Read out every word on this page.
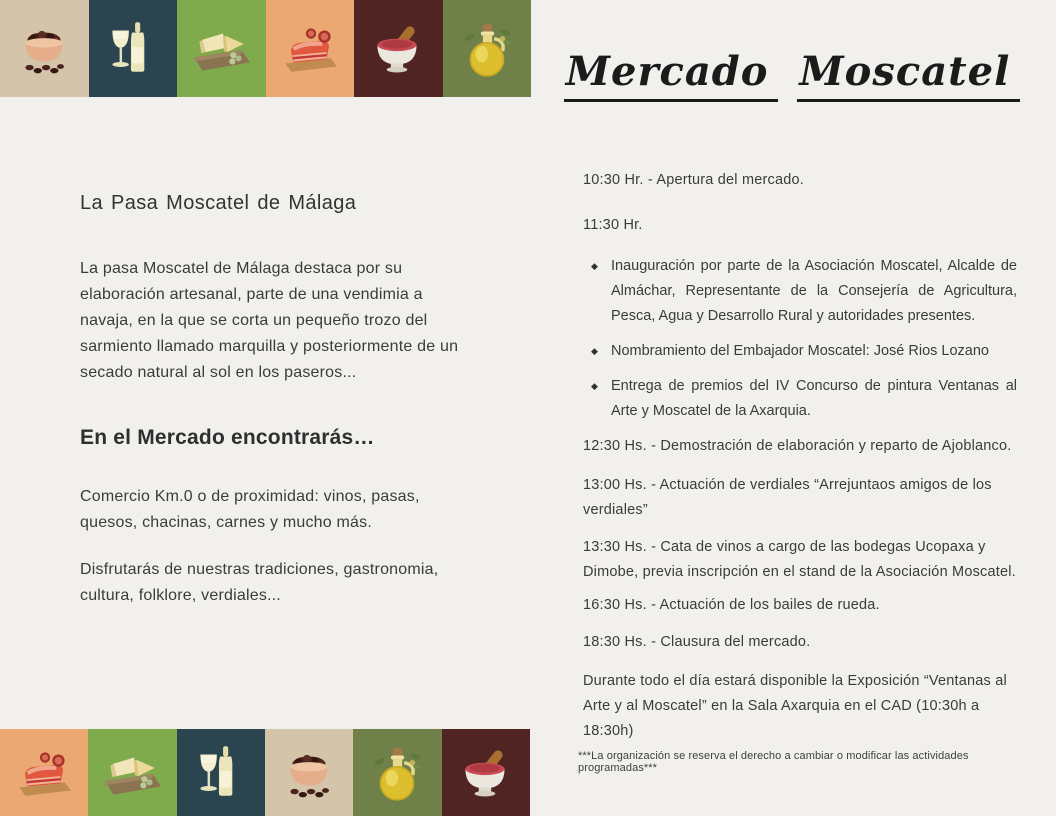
Mercado Moscatel
La Pasa Moscatel de Málaga

La pasa Moscatel de Málaga destaca por su elaboración artesanal, parte de una vendimia a navaja, en la que se corta un pequeño trozo del sarmiento llamado marquilla y posteriormente de un secado natural al sol en los paseros...

En el Mercado encontrarás…

Comercio Km.0 o de proximidad: vinos, pasas, quesos, chacinas, carnes y mucho más.

Disfrutarás de nuestras tradiciones, gastronomia, cultura, folklore, verdiales...

10:30 Hr. - Apertura del mercado.

11:30 Hr.

◆ Inauguración por parte de la Asociación Moscatel, Alcalde de Almáchar, Representante de la Consejería de Agricultura, Pesca, Agua y Desarrollo Rural y autoridades presentes.
◆ Nombramiento del Embajador Moscatel: José Rios Lozano
◆ Entrega de premios del IV Concurso de pintura Ventanas al Arte y Moscatel de la Axarquia.

12:30 Hs. - Demostración de elaboración y reparto de Ajoblanco.

13:00 Hs. - Actuación de verdiales “Arrejuntaos amigos de los verdiales”

13:30 Hs. - Cata de vinos a cargo de las bodegas Ucopaxa y Dimobe, previa inscripción en el stand de la Asociación Moscatel.

16:30 Hs. - Actuación de los bailes de rueda.

18:30 Hs. - Clausura del mercado.

Durante todo el día estará disponible la Exposición “Ventanas al Arte y al Moscatel” en la Sala Axarquia en el CAD (10:30h a 18:30h)

***La organización se reserva el derecho a cambiar o modificar las actividades programadas***
